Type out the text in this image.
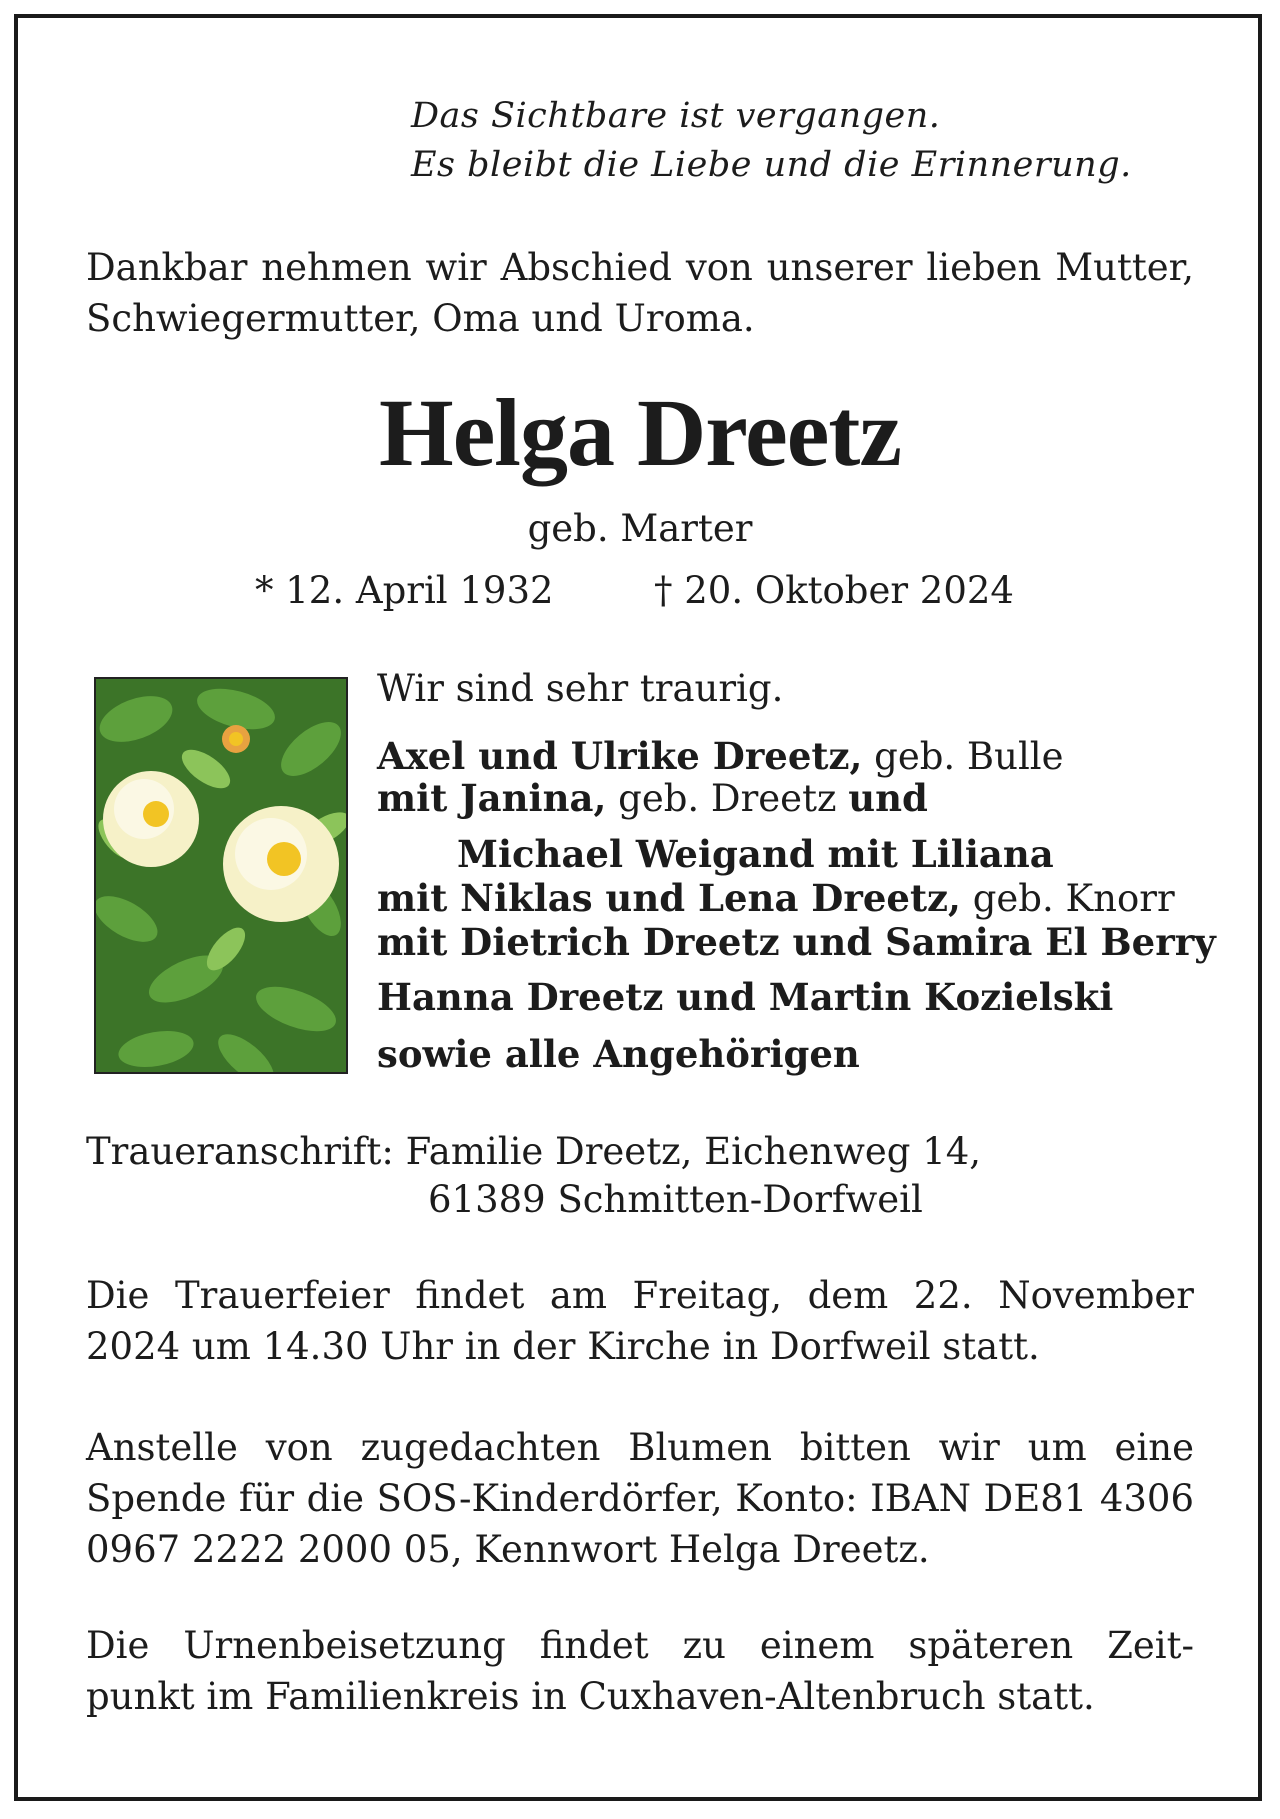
Das Sichtbare ist vergangen.
Es bleibt die Liebe und die Erinnerung.
Dankbar nehmen wir Abschied von unserer lieben Mutter, Schwiegermutter, Oma und Uroma.
Helga Dreetz
geb. Marter
* 12. April 1932	† 20. Oktober 2024
Wir sind sehr traurig.
Axel und Ulrike Dreetz, geb. Bulle
mit Janina, geb. Dreetz und
Michael Weigand mit Liliana
mit Niklas und Lena Dreetz, geb. Knorr
mit Dietrich Dreetz und Samira El Berry
Hanna Dreetz und Martin Kozielski
sowie alle Angehörigen
Traueranschrift: Familie Dreetz, Eichenweg 14,
61389 Schmitten-Dorfweil
Die Trauerfeier findet am Freitag, dem 22. November 2024 um 14.30 Uhr in der Kirche in Dorfweil statt.
Anstelle von zugedachten Blumen bitten wir um eine Spende für die SOS-Kinderdörfer, Konto: IBAN DE81 4306 0967 2222 2000 05, Kennwort Helga Dreetz.
Die Urnenbeisetzung findet zu einem späteren Zeit-
punkt im Familienkreis in Cuxhaven-Altenbruch statt.
